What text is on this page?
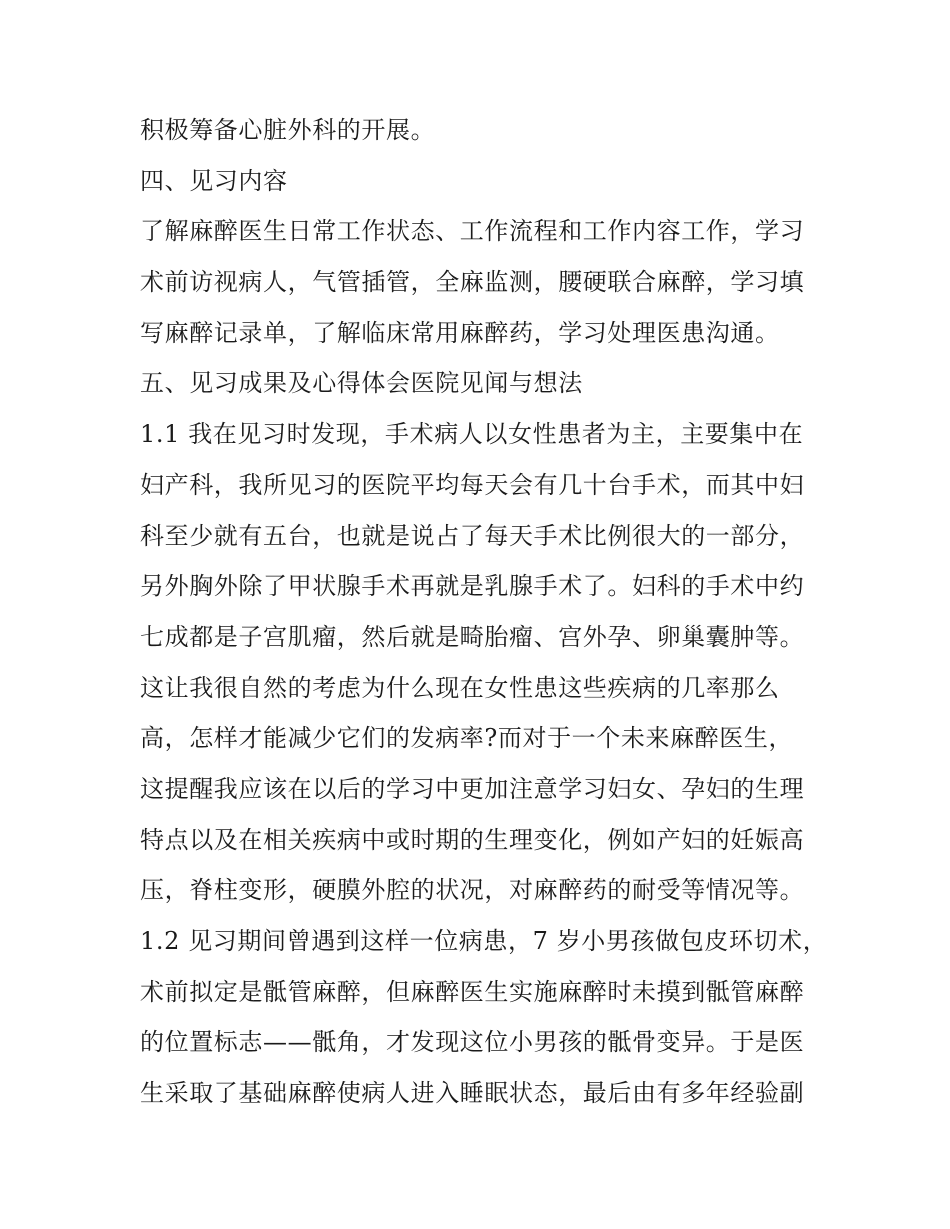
积极筹备心脏外科的开展。
四、见习内容
了解麻醉医生日常工作状态、工作流程和工作内容工作，学习
术前访视病人，气管插管，全麻监测，腰硬联合麻醉，学习填
写麻醉记录单，了解临床常用麻醉药，学习处理医患沟通。
五、见习成果及心得体会医院见闻与想法
1.1 我在见习时发现，手术病人以女性患者为主，主要集中在
妇产科，我所见习的医院平均每天会有几十台手术，而其中妇
科至少就有五台，也就是说占了每天手术比例很大的一部分，
另外胸外除了甲状腺手术再就是乳腺手术了。妇科的手术中约
七成都是子宫肌瘤，然后就是畸胎瘤、宫外孕、卵巢囊肿等。
这让我很自然的考虑为什么现在女性患这些疾病的几率那么
高，怎样才能减少它们的发病率?而对于一个未来麻醉医生，
这提醒我应该在以后的学习中更加注意学习妇女、孕妇的生理
特点以及在相关疾病中或时期的生理变化，例如产妇的妊娠高
压，脊柱变形，硬膜外腔的状况，对麻醉药的耐受等情况等。
1.2 见习期间曾遇到这样一位病患，7 岁小男孩做包皮环切术，
术前拟定是骶管麻醉，但麻醉医生实施麻醉时未摸到骶管麻醉
的位置标志——骶角，才发现这位小男孩的骶骨变异。于是医
生采取了基础麻醉使病人进入睡眠状态，最后由有多年经验副
